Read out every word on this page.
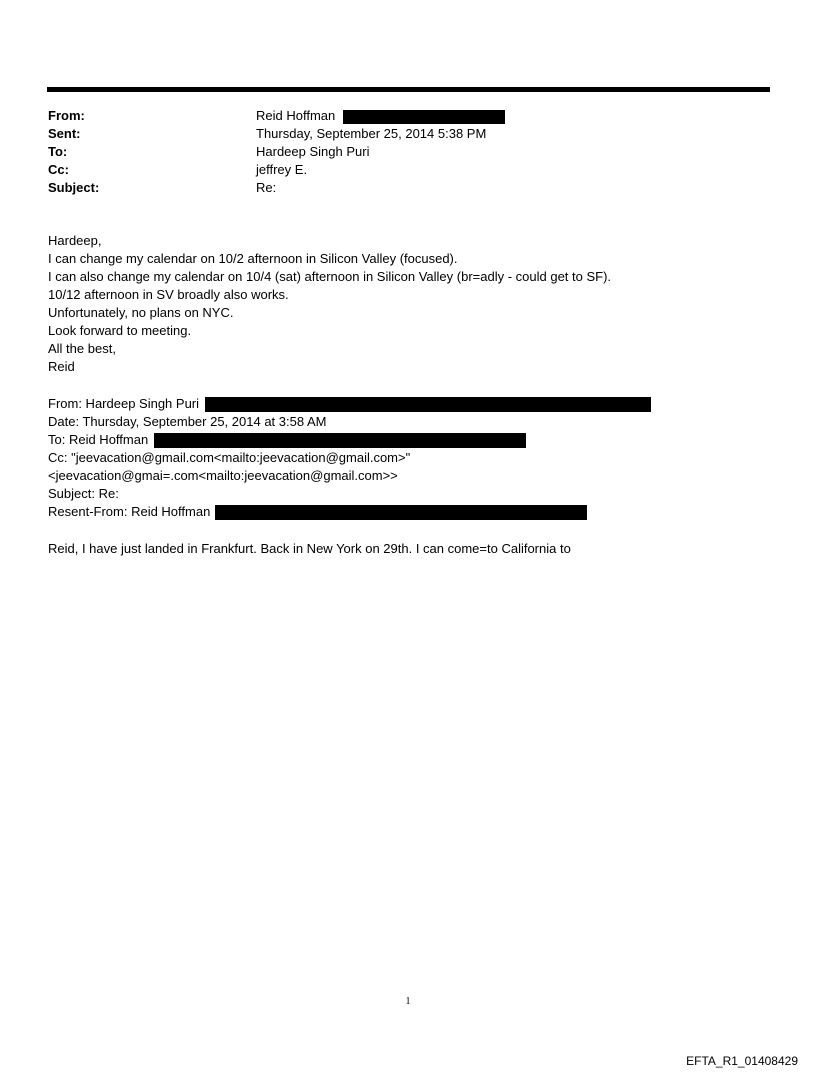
From:	Reid Hoffman
Sent:	Thursday, September 25, 2014 5:38 PM
To:	Hardeep Singh Puri
Cc:	jeffrey E.
Subject:	Re:
Hardeep,
I can change my calendar on 10/2 afternoon in Silicon Valley (focused).
I can also change my calendar on 10/4 (sat) afternoon in Silicon Valley (br=adly - could get to SF).
10/12 afternoon in SV broadly also works.
Unfortunately, no plans on NYC.
Look forward to meeting.
All the best,
Reid
From: Hardeep Singh Puri
Date: Thursday, September 25, 2014 at 3:58 AM
To: Reid Hoffman
Cc: "jeevacation@gmail.com<mailto:jeevacation@gmail.com>"
<jeevacation@gmai=.com<mailto:jeevacation@gmail.com>>
Subject: Re:
Resent-From: Reid Hoffman
Reid, I have just landed in Frankfurt. Back in New York on 29th. I can come=to California to
1
EFTA_R1_01408429
